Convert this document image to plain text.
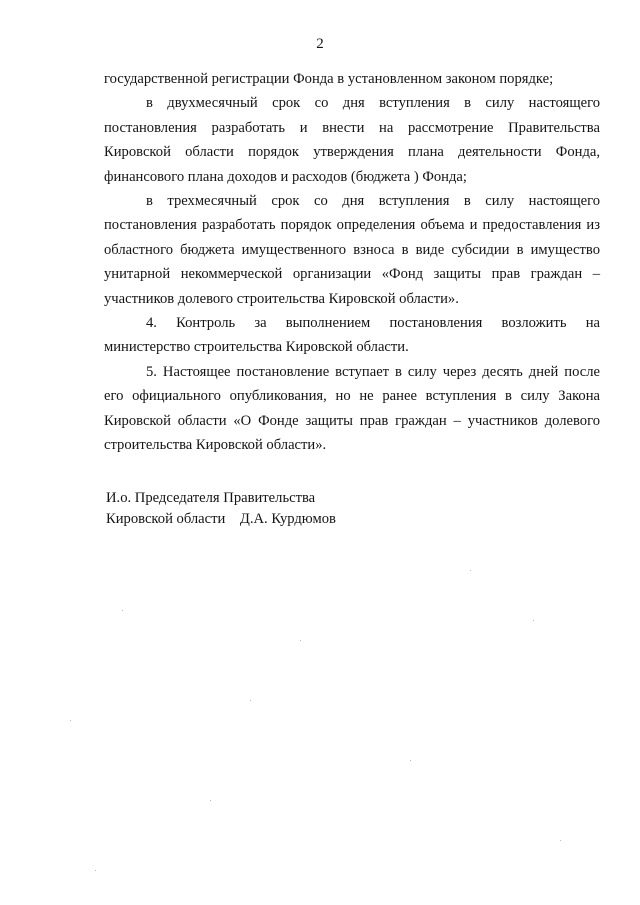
2
государственной регистрации Фонда в установленном законом порядке;
в двухмесячный срок со дня вступления в силу настоящего
постановления разработать и внести на рассмотрение Правительства
Кировской области порядок утверждения плана деятельности Фонда,
финансового плана доходов и расходов (бюджета ) Фонда;
в трехмесячный срок со дня вступления в силу настоящего
постановления разработать порядок определения объема и предоставления из
областного бюджета имущественного взноса в виде субсидии в имущество
унитарной некоммерческой организации «Фонд защиты прав граждан –
участников долевого строительства Кировской области».
4. Контроль за выполнением постановления возложить на
министерство строительства Кировской области.
5. Настоящее постановление вступает в силу через десять дней после
его официального опубликования, но не ранее вступления в силу Закона
Кировской области «О Фонде защиты прав граждан – участников долевого
строительства Кировской области».
И.о. Председателя Правительства
Кировской области    Д.А. Курдюмов
